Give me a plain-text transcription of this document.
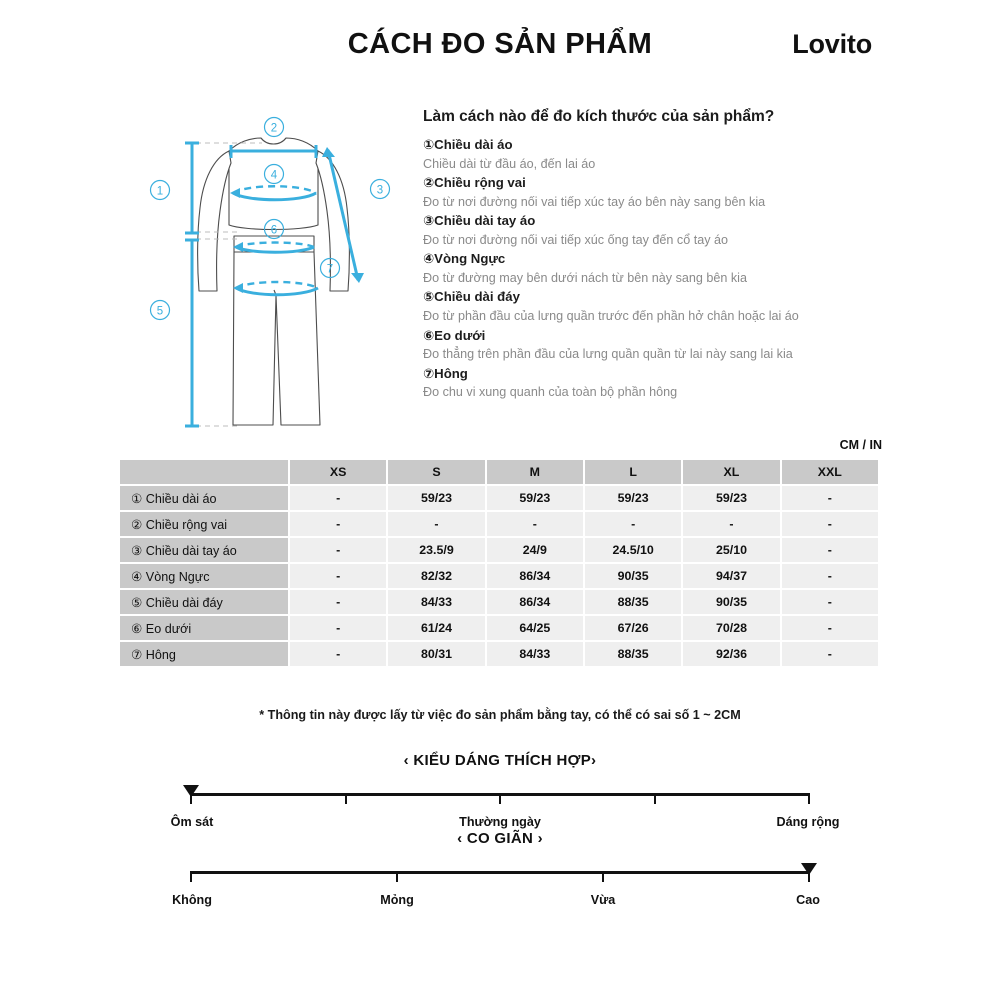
CÁCH ĐO SẢN PHẨM	Lovito
1
2
3
4
5
6
7
Làm cách nào để đo kích thước của sản phẩm?
①Chiều dài áo
Chiều dài từ đầu áo, đến lai áo
②Chiều rộng vai
Đo từ nơi đường nối vai tiếp xúc tay áo bên này sang bên kia
③Chiều dài tay áo
Đo từ nơi đường nối vai tiếp xúc ống tay đến cổ tay áo
④Vòng Ngực
Đo từ đường may bên dưới nách từ bên này sang bên kia
⑤Chiều dài đáy
Đo từ phần đầu của lưng quần trước đến phần hở chân hoặc lai áo
⑥Eo dưới
Đo thẳng trên phần đầu của lưng quần quần từ lai này sang lai kia
⑦Hông
Đo chu vi xung quanh của toàn bộ phần hông
CM / IN
	XS	S	M	L	XL	XXL
① Chiều dài áo	-	59/23	59/23	59/23	59/23	-
② Chiều rộng vai	-	-	-	-	-	-
③ Chiều dài tay áo	-	23.5/9	24/9	24.5/10	25/10	-
④ Vòng Ngực	-	82/32	86/34	90/35	94/37	-
⑤ Chiều dài đáy	-	84/33	86/34	88/35	90/35	-
⑥ Eo dưới	-	61/24	64/25	67/26	70/28	-
⑦ Hông	-	80/31	84/33	88/35	92/36	-
* Thông tin này được lấy từ việc đo sản phẩm bằng tay, có thể có sai số 1 ~ 2CM
‹ KIỂU DÁNG THÍCH HỢP›
Ôm sát	Thường ngày	Dáng rộng
‹ CO GIÃN ›
Không	Mỏng	Vừa	Cao
